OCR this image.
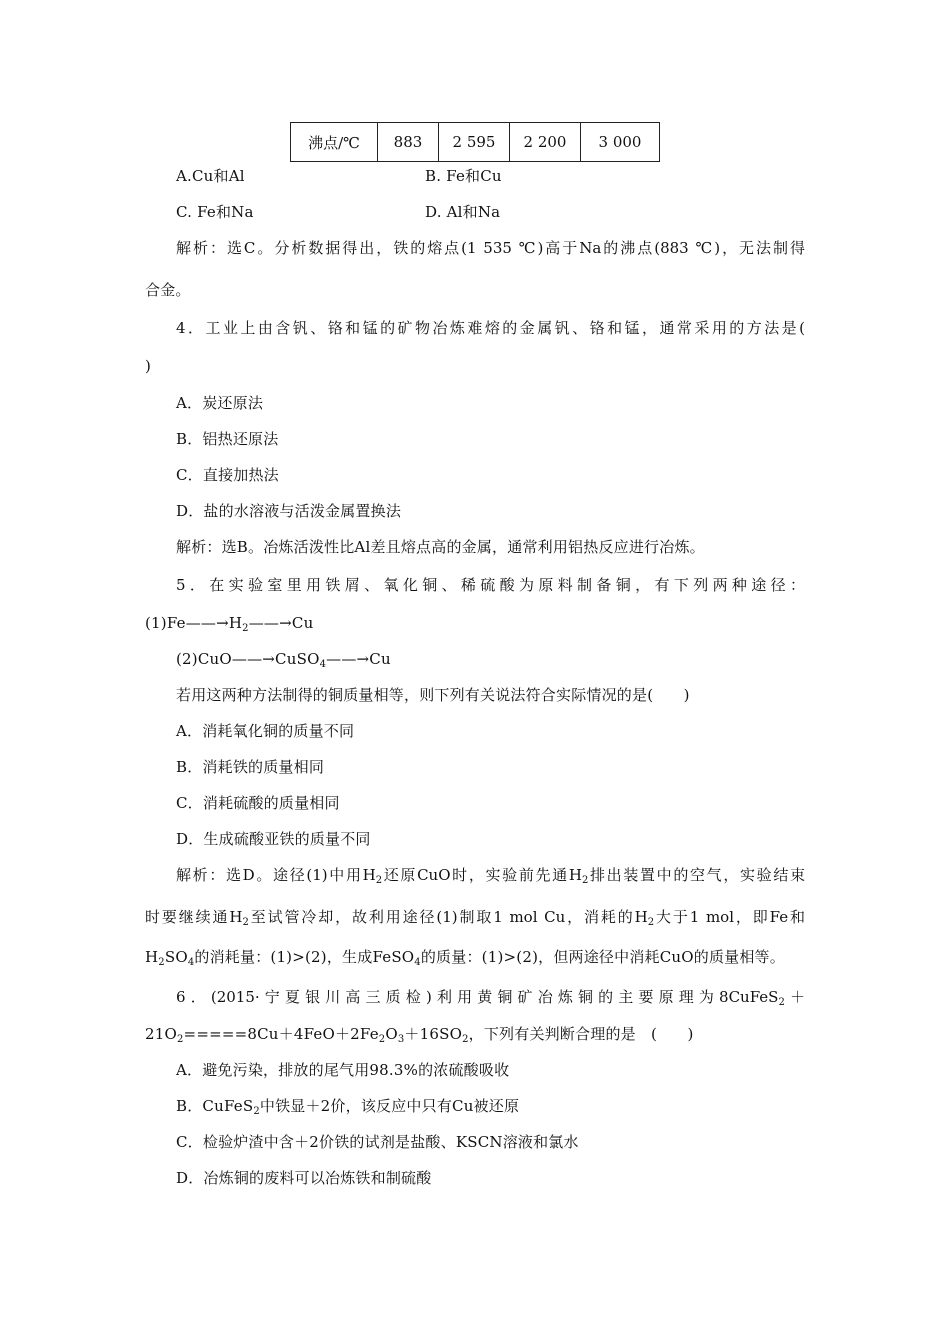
沸点/℃	883	2 595	2 200	3 000
A.Cu和Al	B. Fe和Cu
C. Fe和Na	D. Al和Na
解析：选C。分析数据得出，铁的熔点(1 535 ℃)高于Na的沸点(883 ℃)，无法制得
合金。
4．工业上由含钒、铬和锰的矿物冶炼难熔的金属钒、铬和锰，通常采用的方法是(
)
A．炭还原法
B．铝热还原法
C．直接加热法
D．盐的水溶液与活泼金属置换法
解析：选B。冶炼活泼性比Al差且熔点高的金属，通常利用铝热反应进行冶炼。
5．在实验室里用铁屑、氧化铜、稀硫酸为原料制备铜，有下列两种途径：
$(1)Fe——\to H_2——\to Cu$
(2)CuO——→CuSO$_4$——→Cu
若用这两种方法制得的铜质量相等，则下列有关说法符合实际情况的是(　　)
A．消耗氧化铜的质量不同
B．消耗铁的质量相同
C．消耗硫酸的质量相同
D．生成硫酸亚铁的质量不同
解析：选D。途径(1)中用$H_2$还原CuO时，实验前先通$H_2$排出装置中的空气，实验结束
时要继续通$H_2$至试管冷却，故利用途径(1)制取1 mol Cu，消耗的$H_2$大于1 mol，即Fe和
$H_2SO_4$的消耗量：(1)>(2)，生成FeSO$_4$的质量：(1)>(2)，但两途径中消耗CuO的质量相等。
6．(2015·宁夏银川高三质检)利用黄铜矿冶炼铜的主要原理为8CuFeS$_2$＋
$21O_2=====8Cu+4FeO+2Fe_2O_3+16SO_2$，下列有关判断合理的是　(　　)
A．避免污染，排放的尾气用98.3%的浓硫酸吸收
B．CuFeS$_2$中铁显＋2价，该反应中只有Cu被还原
C．检验炉渣中含＋2价铁的试剂是盐酸、KSCN溶液和氯水
D．冶炼铜的废料可以冶炼铁和制硫酸
